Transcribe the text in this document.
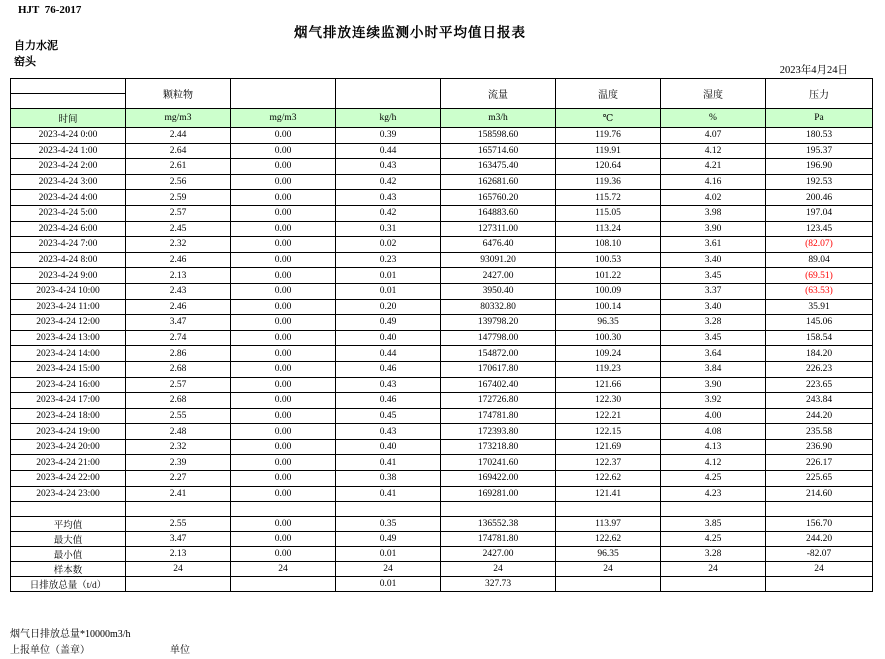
HJT  76-2017
烟气排放连续监测小时平均值日报表
自力水泥
窑头
2023年4月24日
	颗粒物			流量	温度	湿度	压力

时间	mg/m3	mg/m3	kg/h	m3/h	℃	%	Pa
2023-4-24 0:00	2.44	0.00	0.39	158598.60	119.76	4.07	180.53
2023-4-24 1:00	2.64	0.00	0.44	165714.60	119.91	4.12	195.37
2023-4-24 2:00	2.61	0.00	0.43	163475.40	120.64	4.21	196.90
2023-4-24 3:00	2.56	0.00	0.42	162681.60	119.36	4.16	192.53
2023-4-24 4:00	2.59	0.00	0.43	165760.20	115.72	4.02	200.46
2023-4-24 5:00	2.57	0.00	0.42	164883.60	115.05	3.98	197.04
2023-4-24 6:00	2.45	0.00	0.31	127311.00	113.24	3.90	123.45
2023-4-24 7:00	2.32	0.00	0.02	6476.40	108.10	3.61	(82.07)
2023-4-24 8:00	2.46	0.00	0.23	93091.20	100.53	3.40	89.04
2023-4-24 9:00	2.13	0.00	0.01	2427.00	101.22	3.45	(69.51)
2023-4-24 10:00	2.43	0.00	0.01	3950.40	100.09	3.37	(63.53)
2023-4-24 11:00	2.46	0.00	0.20	80332.80	100.14	3.40	35.91
2023-4-24 12:00	3.47	0.00	0.49	139798.20	96.35	3.28	145.06
2023-4-24 13:00	2.74	0.00	0.40	147798.00	100.30	3.45	158.54
2023-4-24 14:00	2.86	0.00	0.44	154872.00	109.24	3.64	184.20
2023-4-24 15:00	2.68	0.00	0.46	170617.80	119.23	3.84	226.23
2023-4-24 16:00	2.57	0.00	0.43	167402.40	121.66	3.90	223.65
2023-4-24 17:00	2.68	0.00	0.46	172726.80	122.30	3.92	243.84
2023-4-24 18:00	2.55	0.00	0.45	174781.80	122.21	4.00	244.20
2023-4-24 19:00	2.48	0.00	0.43	172393.80	122.15	4.08	235.58
2023-4-24 20:00	2.32	0.00	0.40	173218.80	121.69	4.13	236.90
2023-4-24 21:00	2.39	0.00	0.41	170241.60	122.37	4.12	226.17
2023-4-24 22:00	2.27	0.00	0.38	169422.00	122.62	4.25	225.65
2023-4-24 23:00	2.41	0.00	0.41	169281.00	121.41	4.23	214.60

平均值	2.55	0.00	0.35	136552.38	113.97	3.85	156.70
最大值	3.47	0.00	0.49	174781.80	122.62	4.25	244.20
最小值	2.13	0.00	0.01	2427.00	96.35	3.28	-82.07
样本数	24	24	24	24	24	24	24
日排放总量（t/d）			0.01	327.73			
烟气日排放总量*10000m3/h
上报单位（盖章）	单位
